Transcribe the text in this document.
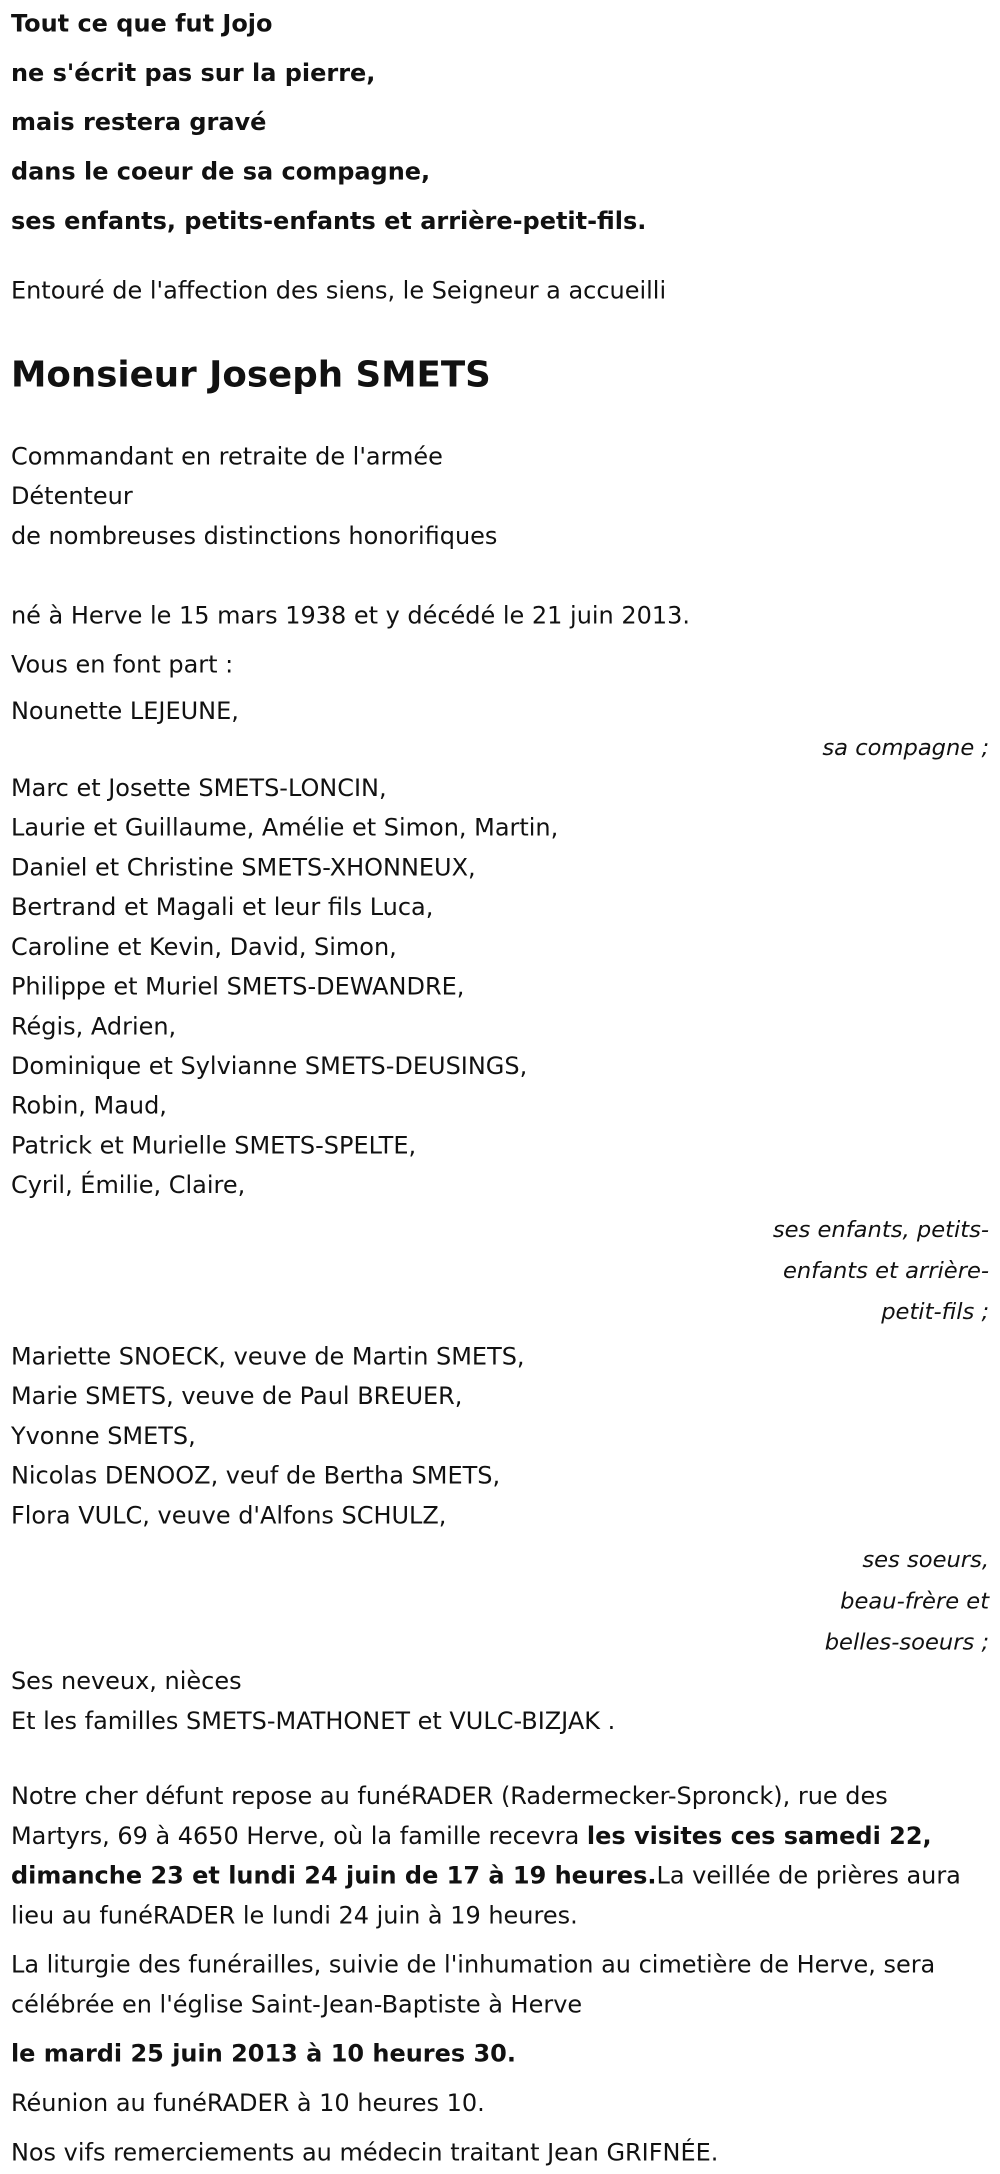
Tout ce que fut Jojo
ne s'écrit pas sur la pierre,
mais restera gravé
dans le coeur de sa compagne,
ses enfants, petits-enfants et arrière-petit-fils.
Entouré de l'affection des siens, le Seigneur a accueilli
Monsieur Joseph SMETS
Commandant en retraite de l'armée
Détenteur
de nombreuses distinctions honorifiques
né à Herve le 15 mars 1938 et y décédé le 21 juin 2013.
Vous en font part :
Nounette LEJEUNE,
sa compagne ;
Marc et Josette SMETS-LONCIN,
Laurie et Guillaume, Amélie et Simon, Martin,
Daniel et Christine SMETS-XHONNEUX,
Bertrand et Magali et leur fils Luca,
Caroline et Kevin, David, Simon,
Philippe et Muriel SMETS-DEWANDRE,
Régis, Adrien,
Dominique et Sylvianne SMETS-DEUSINGS,
Robin, Maud,
Patrick et Murielle SMETS-SPELTE,
Cyril, Émilie, Claire,
ses enfants, petits-
enfants et arrière-
petit-fils ;
Mariette SNOECK, veuve de Martin SMETS,
Marie SMETS, veuve de Paul BREUER,
Yvonne SMETS,
Nicolas DENOOZ, veuf de Bertha SMETS,
Flora VULC, veuve d'Alfons SCHULZ,
ses soeurs,
beau-frère et
belles-soeurs ;
Ses neveux, nièces
Et les familles SMETS-MATHONET et VULC-BIZJAK .
Notre cher défunt repose au funéRADER (Radermecker-Spronck), rue des Martyrs, 69 à 4650 Herve, où la famille recevra les visites ces samedi 22, dimanche 23 et lundi 24 juin de 17 à 19 heures.La veillée de prières aura lieu au funéRADER le lundi 24 juin à 19 heures.
La liturgie des funérailles, suivie de l'inhumation au cimetière de Herve, sera célébrée en l'église Saint-Jean-Baptiste à Herve
le mardi 25 juin 2013 à 10 heures 30.
Réunion au funéRADER à 10 heures 10.
Nos vifs remerciements au médecin traitant Jean GRIFNÉE.
